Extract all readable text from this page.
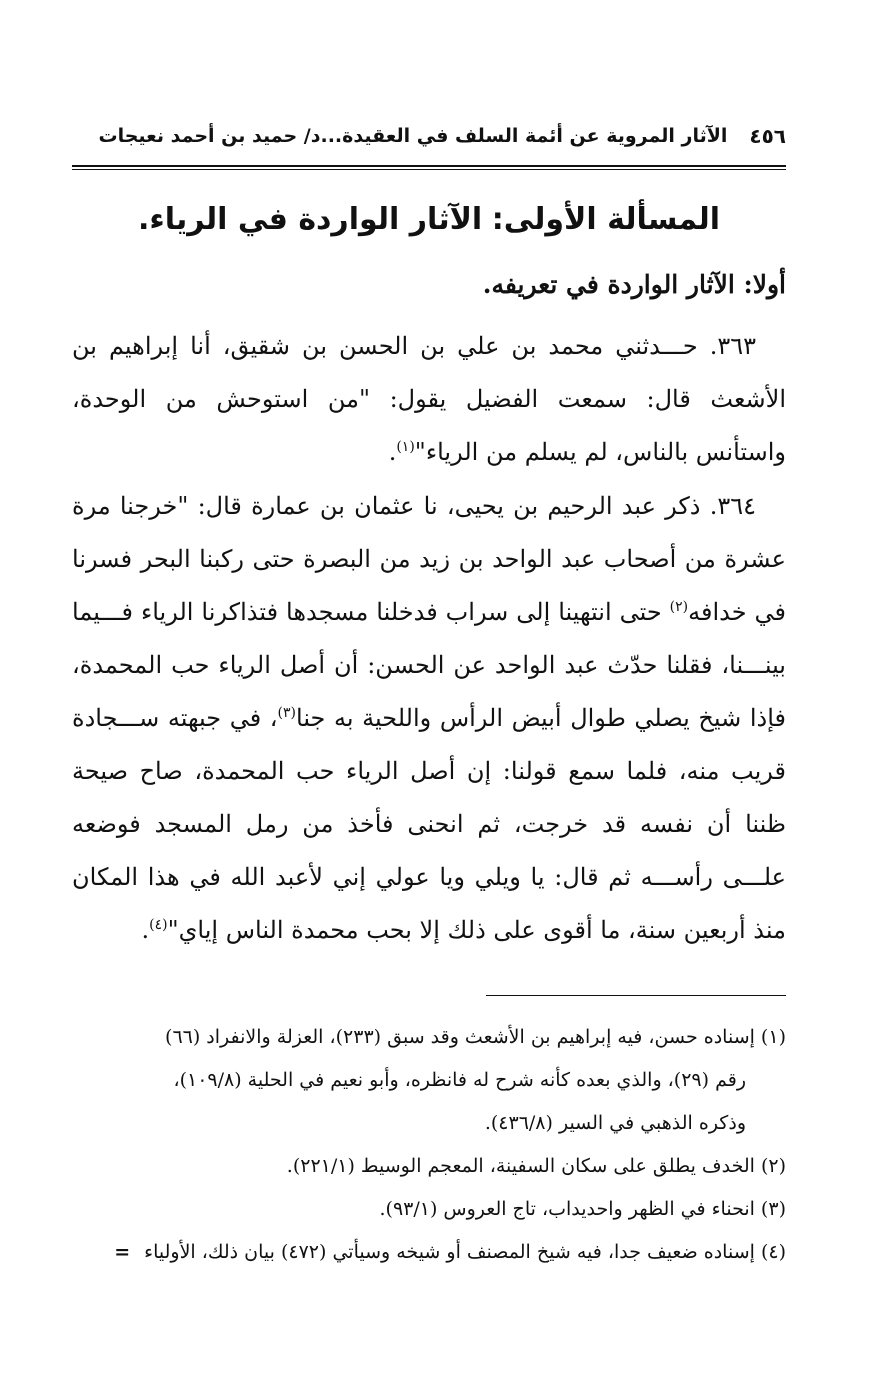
٤٥٦
الآثار المروية عن أئمة السلف في العقيدة...د/ حميد بن أحمد نعيجات
المسألة الأولى: الآثار الواردة في الرياء.
أولا: الآثار الواردة في تعريفه.
٣٦٣. حـــدثني محمد بن علي بن الحسن بن شقيق، أنا إبراهيم بن الأشعث قال: سمعت الفضيل يقول: "من استوحش من الوحدة، واستأنس بالناس، لم يسلم من الرياء"$^{(١)}$.
٣٦٤. ذكر عبد الرحيم بن يحيى، نا عثمان بن عمارة قال: "خرجنا مرة عشرة من أصحاب عبد الواحد بن زيد من البصرة حتى ركبنا البحر فسرنا في خدافه$^{(٢)}$ حتى انتهينا إلى سراب فدخلنا مسجدها فتذاكرنا الرياء فـــيما بينـــنا، فقلنا حدّث عبد الواحد عن الحسن: أن أصل الرياء حب المحمدة، فإذا شيخ يصلي طوال أبيض الرأس واللحية به جنا$^{(٣)}$، في جبهته ســـجادة قريب منه، فلما سمع قولنا: إن أصل الرياء حب المحمدة، صاح صيحة ظننا أن نفسه قد خرجت، ثم انحنى فأخذ من رمل المسجد فوضعه علـــى رأســـه ثم قال: يا ويلي ويا عولي إني لأعبد الله في هذا المكان منذ أربعين سنة، ما أقوى على ذلك إلا بحب محمدة الناس إياي"$^{(٤)}$.

(١) إسناده حسن، فيه إبراهيم بن الأشعث وقد سبق (٢٣٣)، العزلة والانفراد (٦٦)
رقم (٢٩)، والذي بعده كأنه شرح له فانظره، وأبو نعيم في الحلية (١٠٩/٨)،
وذكره الذهبي في السير (٤٣٦/٨).

(٢) الخدف يطلق على سكان السفينة، المعجم الوسيط (٢٢١/١).

(٣) انحناء في الظهر واحديداب، تاج العروس (٩٣/١).

(٤) إسناده ضعيف جدا، فيه شيخ المصنف أو شيخه وسيأتي (٤٧٢) بيان ذلك، الأولياء=
